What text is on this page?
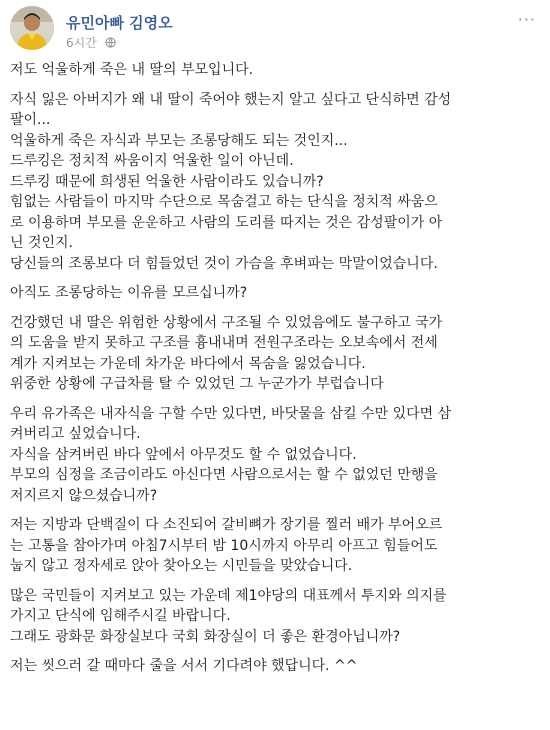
유민아빠 김영오
6시간
···

저도 억울하게 죽은 내 딸의 부모입니다.

자식 잃은 아버지가 왜 내 딸이 죽어야 했는지 알고 싶다고 단식하면 감성
팔이...
억울하게 죽은 자식과 부모는 조롱당해도 되는 것인지...
드루킹은 정치적 싸움이지 억울한 일이 아닌데.
드루킹 때문에 희생된 억울한 사람이라도 있습니까?
힘없는 사람들이 마지막 수단으로 목숨걸고 하는 단식을 정치적 싸움으
로 이용하며 부모를 운운하고 사람의 도리를 따지는 것은 감성팔이가 아
닌 것인지.
당신들의 조롱보다 더 힘들었던 것이 가슴을 후벼파는 막말이었습니다.

아직도 조롱당하는 이유를 모르십니까?

건강했던 내 딸은 위험한 상황에서 구조될 수 있었음에도 불구하고 국가
의 도움을 받지 못하고 구조를 흉내내며 전원구조라는 오보속에서 전세
계가 지켜보는 가운데 차가운 바다에서 목숨을 잃었습니다.
위중한 상황에 구급차를 탈 수 있었던 그 누군가가 부럽습니다

우리 유가족은 내자식을 구할 수만 있다면, 바닷물을 삼킬 수만 있다면 삼
켜버리고 싶었습니다.
자식을 삼켜버린 바다 앞에서 아무것도 할 수 없었습니다.
부모의 심정을 조금이라도 아신다면 사람으로서는 할 수 없었던 만행을
저지르지 않으셨습니까?

저는 지방과 단백질이 다 소진되어 갈비뼈가 장기를 찔러 배가 부어오르
는 고통을 참아가며 아침7시부터 밤 10시까지 아무리 아프고 힘들어도
눕지 않고 정자세로 앉아 찾아오는 시민들을 맞았습니다.

많은 국민들이 지켜보고 있는 가운데 제1야당의 대표께서 투지와 의지를
가지고 단식에 임해주시길 바랍니다.
그래도 광화문 화장실보다 국회 화장실이 더 좋은 환경아닙니까?

저는 씻으러 갈 때마다 줄을 서서 기다려야 했답니다. ^^
